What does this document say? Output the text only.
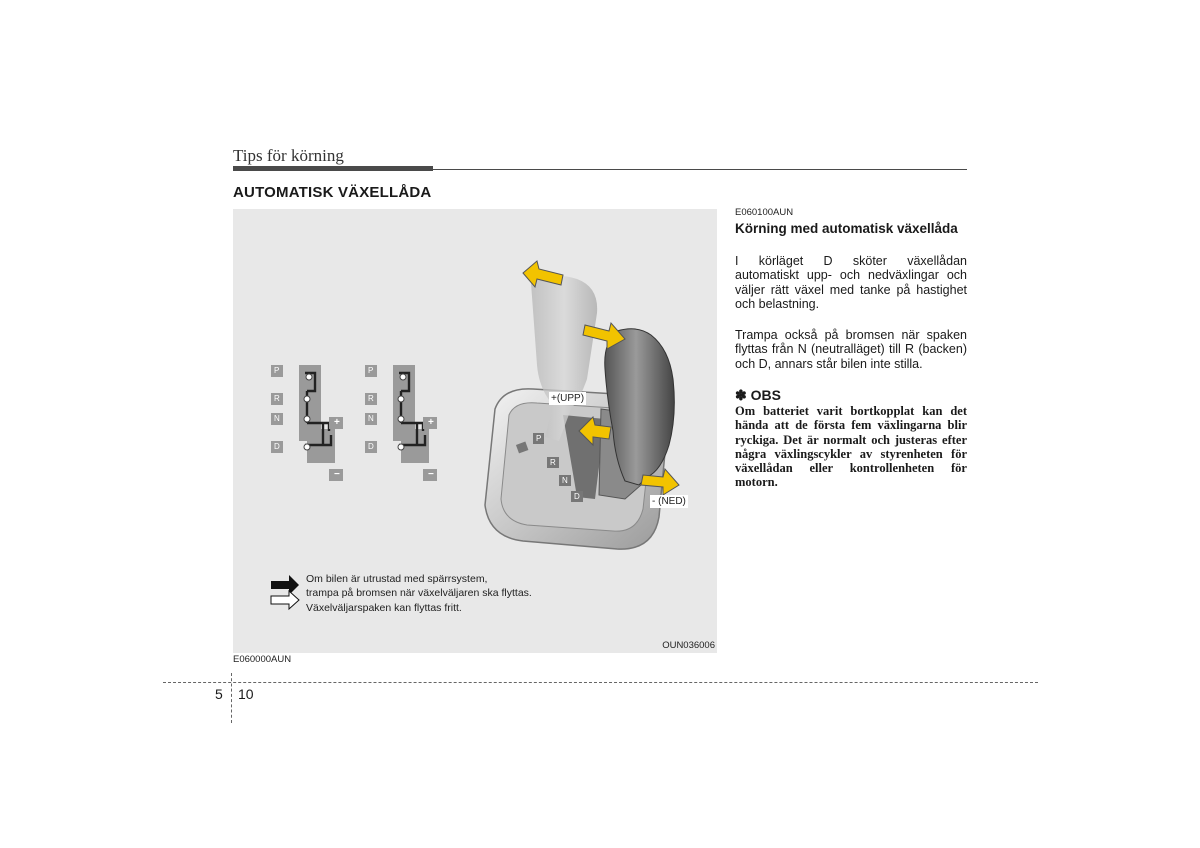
Tips för körning
AUTOMATISK VÄXELLÅDA
P
R
N
D
+
−
P
R
N
D
+
−
P
R
N
D
+(UPP)
- (NED)
Om bilen är utrustad med spärrsystem,
trampa på bromsen när växelväljaren ska flyttas.
Växelväljarspaken kan flyttas fritt.
OUN036006
E060000AUN
E060100AUN
Körning med automatisk växellåda
I körläget D sköter växellådan automatiskt upp- och nedväxlingar och väljer rätt växel med tanke på hastighet och belastning.
Trampa också på bromsen när spaken flyttas från N (neutralläget) till R (backen) och D, annars står bilen inte stilla.
✽ OBS
Om batteriet varit bortkopplat kan det hända att de första fem växlingarna blir ryckiga. Det är normalt och justeras efter några växlingscykler av styrenheten för växellådan eller kontrollenheten för motorn.
5 10
